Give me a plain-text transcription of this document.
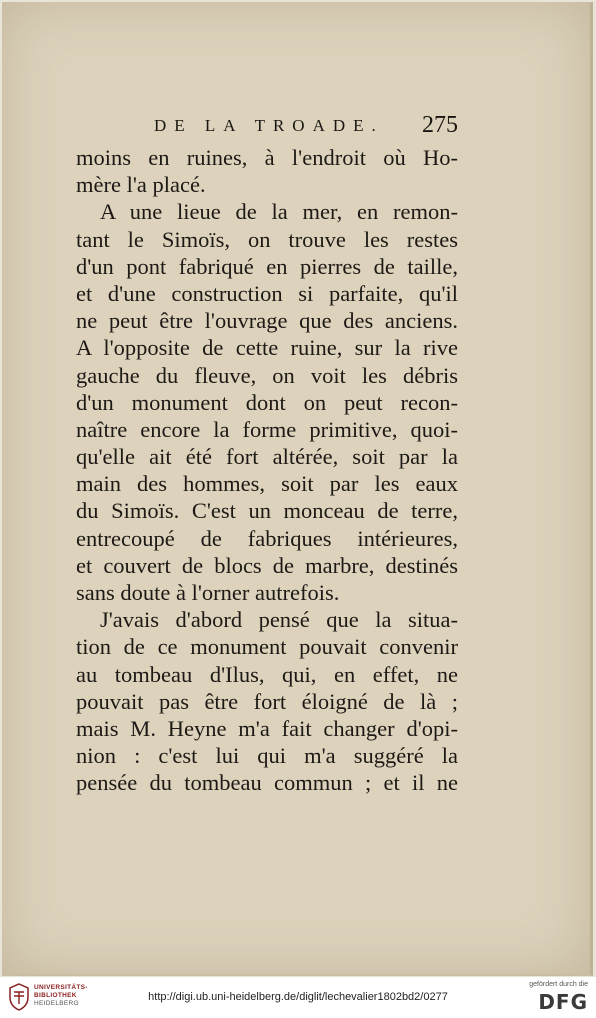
DE LA TROADE. 275
moins en ruines, à l'endroit où Ho-
mère l'a placé.
A une lieue de la mer, en remon-
tant le Simoïs, on trouve les restes
d'un pont fabriqué en pierres de taille,
et d'une construction si parfaite, qu'il
ne peut être l'ouvrage que des anciens.
A l'opposite de cette ruine, sur la rive
gauche du fleuve, on voit les débris
d'un monument dont on peut recon-
naître encore la forme primitive, quoi-
qu'elle ait été fort altérée, soit par la
main des hommes, soit par les eaux
du Simoïs. C'est un monceau de terre,
entrecoupé de fabriques intérieures,
et couvert de blocs de marbre, destinés
sans doute à l'orner autrefois.
J'avais d'abord pensé que la situa-
tion de ce monument pouvait convenir
au tombeau d'Ilus, qui, en effet, ne
pouvait pas être fort éloigné de là ;
mais M. Heyne m'a fait changer d'opi-
nion : c'est lui qui m'a suggéré la
pensée du tombeau commun ; et il ne
UNIVERSITÄTS-
BIBLIOTHEK
HEIDELBERG
http://digi.ub.uni-heidelberg.de/diglit/lechevalier1802bd2/0277
gefördert durch die
DFG
